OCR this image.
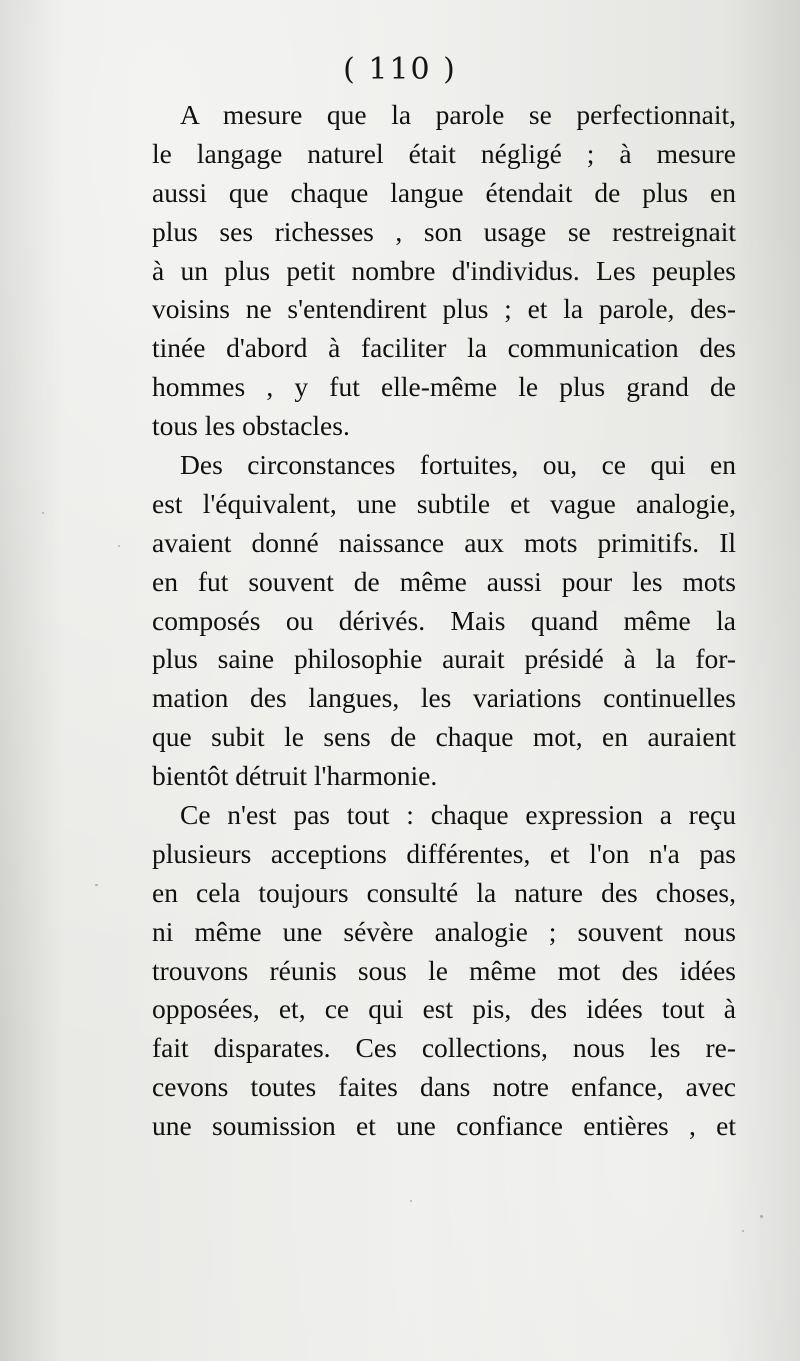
( 110 )
A mesure que la parole se perfectionnait,
le langage naturel était négligé ; à mesure
aussi que chaque langue étendait de plus en
plus ses richesses , son usage se restreignait
à un plus petit nombre d'individus. Les peuples
voisins ne s'entendirent plus ; et la parole, des-
tinée d'abord à faciliter la communication des
hommes , y fut elle-même le plus grand de
tous les obstacles.
Des circonstances fortuites, ou, ce qui en
est l'équivalent, une subtile et vague analogie,
avaient donné naissance aux mots primitifs. Il
en fut souvent de même aussi pour les mots
composés ou dérivés. Mais quand même la
plus saine philosophie aurait présidé à la for-
mation des langues, les variations continuelles
que subit le sens de chaque mot, en auraient
bientôt détruit l'harmonie.
Ce n'est pas tout : chaque expression a reçu
plusieurs acceptions différentes, et l'on n'a pas
en cela toujours consulté la nature des choses,
ni même une sévère analogie ; souvent nous
trouvons réunis sous le même mot des idées
opposées, et, ce qui est pis, des idées tout à
fait disparates. Ces collections, nous les re-
cevons toutes faites dans notre enfance, avec
une soumission et une confiance entières , et
